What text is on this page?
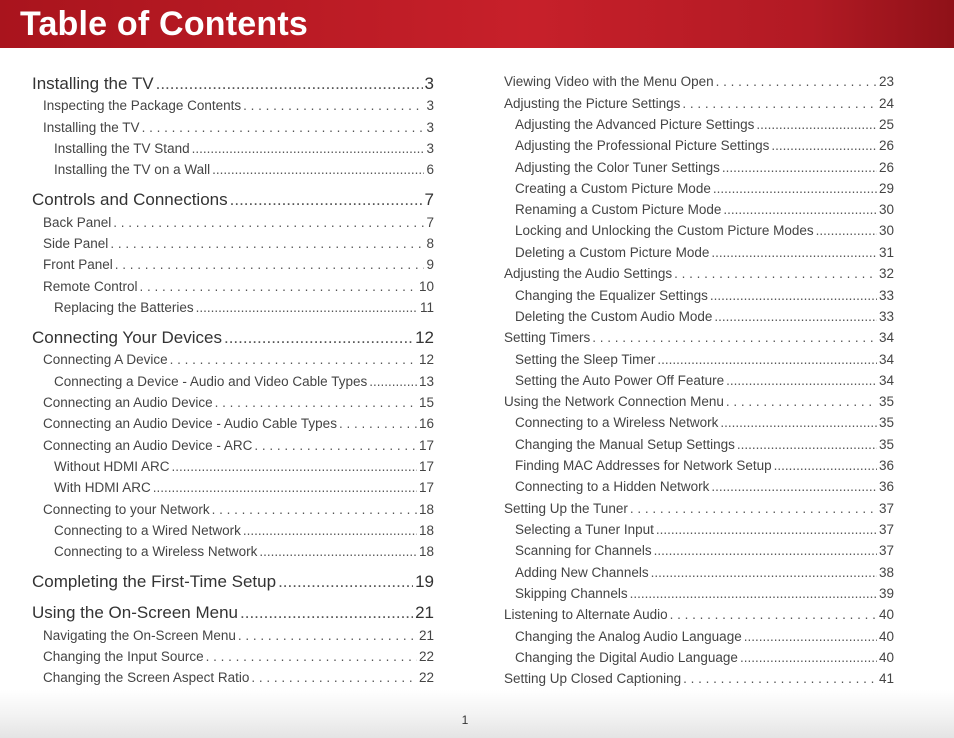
Table of Contents
Installing the TV .....	3
Inspecting the Package Contents . . .	3
Installing the TV . . .	3
Installing the TV Stand .....	3
Installing the TV on a Wall .....	6
Controls and Connections .....	7
Back Panel . . .	7
Side Panel . . .	8
Front Panel . . .	9
Remote Control . . .	10
Replacing the Batteries .....	11
Connecting Your Devices .....	12
Connecting A Device . . .	12
Connecting a Device - Audio and Video Cable Types .....	13
Connecting an Audio Device . . .	15
Connecting an Audio Device - Audio Cable Types . . .	16
Connecting an Audio Device - ARC . . .	17
Without HDMI ARC .....	17
With HDMI ARC .....	17
Connecting to your Network . . .	18
Connecting to a Wired Network .....	18
Connecting to a Wireless Network .....	18
Completing the First-Time Setup .....	19
Using the On-Screen Menu .....	21
Navigating the On-Screen Menu . . .	21
Changing the Input Source . . .	22
Changing the Screen Aspect Ratio . . .	22
Viewing Video with the Menu Open . . .	23
Adjusting the Picture Settings . . .	24
Adjusting the Advanced Picture Settings .....	25
Adjusting the Professional Picture Settings .....	26
Adjusting the Color Tuner Settings .....	26
Creating a Custom Picture Mode .....	29
Renaming a Custom Picture Mode .....	30
Locking and Unlocking the Custom Picture Modes .....	30
Deleting a Custom Picture Mode .....	31
Adjusting the Audio Settings . . .	32
Changing the Equalizer Settings .....	33
Deleting the Custom Audio Mode .....	33
Setting Timers . . .	34
Setting the Sleep Timer .....	34
Setting the Auto Power Off Feature .....	34
Using the Network Connection Menu . . .	35
Connecting to a Wireless Network .....	35
Changing the Manual Setup Settings .....	35
Finding MAC Addresses for Network Setup .....	36
Connecting to a Hidden Network .....	36
Setting Up the Tuner . . .	37
Selecting a Tuner Input .....	37
Scanning for Channels .....	37
Adding New Channels .....	38
Skipping Channels .....	39
Listening to Alternate Audio . . .	40
Changing the Analog Audio Language .....	40
Changing the Digital Audio Language .....	40
Setting Up Closed Captioning . . .	41
1
